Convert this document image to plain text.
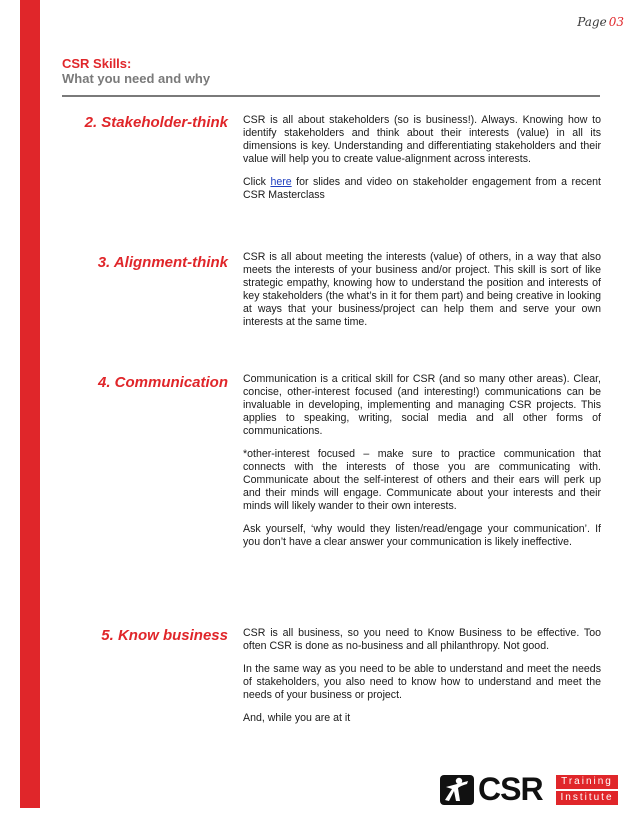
Page 03
CSR Skills:
What you need and why
2. Stakeholder-think CSR is all about stakeholders (so is business!). Always. Knowing how to identify stakeholders and think about their interests (value) in all its dimensions is key. Understanding and differentiating stakeholders and their value will help you to create value-alignment across interests.

Click here for slides and video on stakeholder engagement from a recent CSR Masterclass

3. Alignment-think CSR is all about meeting the interests (value) of others, in a way that also meets the interests of your business and/or project. This skill is sort of like strategic empathy, knowing how to understand the position and interests of key stakeholders (the what’s in it for them part) and being creative in looking at ways that your business/project can help them and serve your own interests at the same time.

4. Communication Communication is a critical skill for CSR (and so many other areas). Clear, concise, other-interest focused (and interesting!) communications can be invaluable in developing, implementing and managing CSR projects. This applies to speaking, writing, social media and all other forms of communications.

*other-interest focused – make sure to practice communication that connects with the interests of those you are communicating with. Communicate about the self-interest of others and their ears will perk up and their minds will engage. Communicate about your interests and their minds will likely wander to their own interests.

Ask yourself, ‘why would they listen/read/engage your communication’. If you don’t have a clear answer your communication is likely ineffective.

5. Know business CSR is all business, so you need to Know Business to be effective. Too often CSR is done as no-business and all philanthropy. Not good.

In the same way as you need to be able to understand and meet the needs of stakeholders, you also need to know how to understand and meet the needs of your business or project.

And, while you are at it

CSR	Training
Institute
